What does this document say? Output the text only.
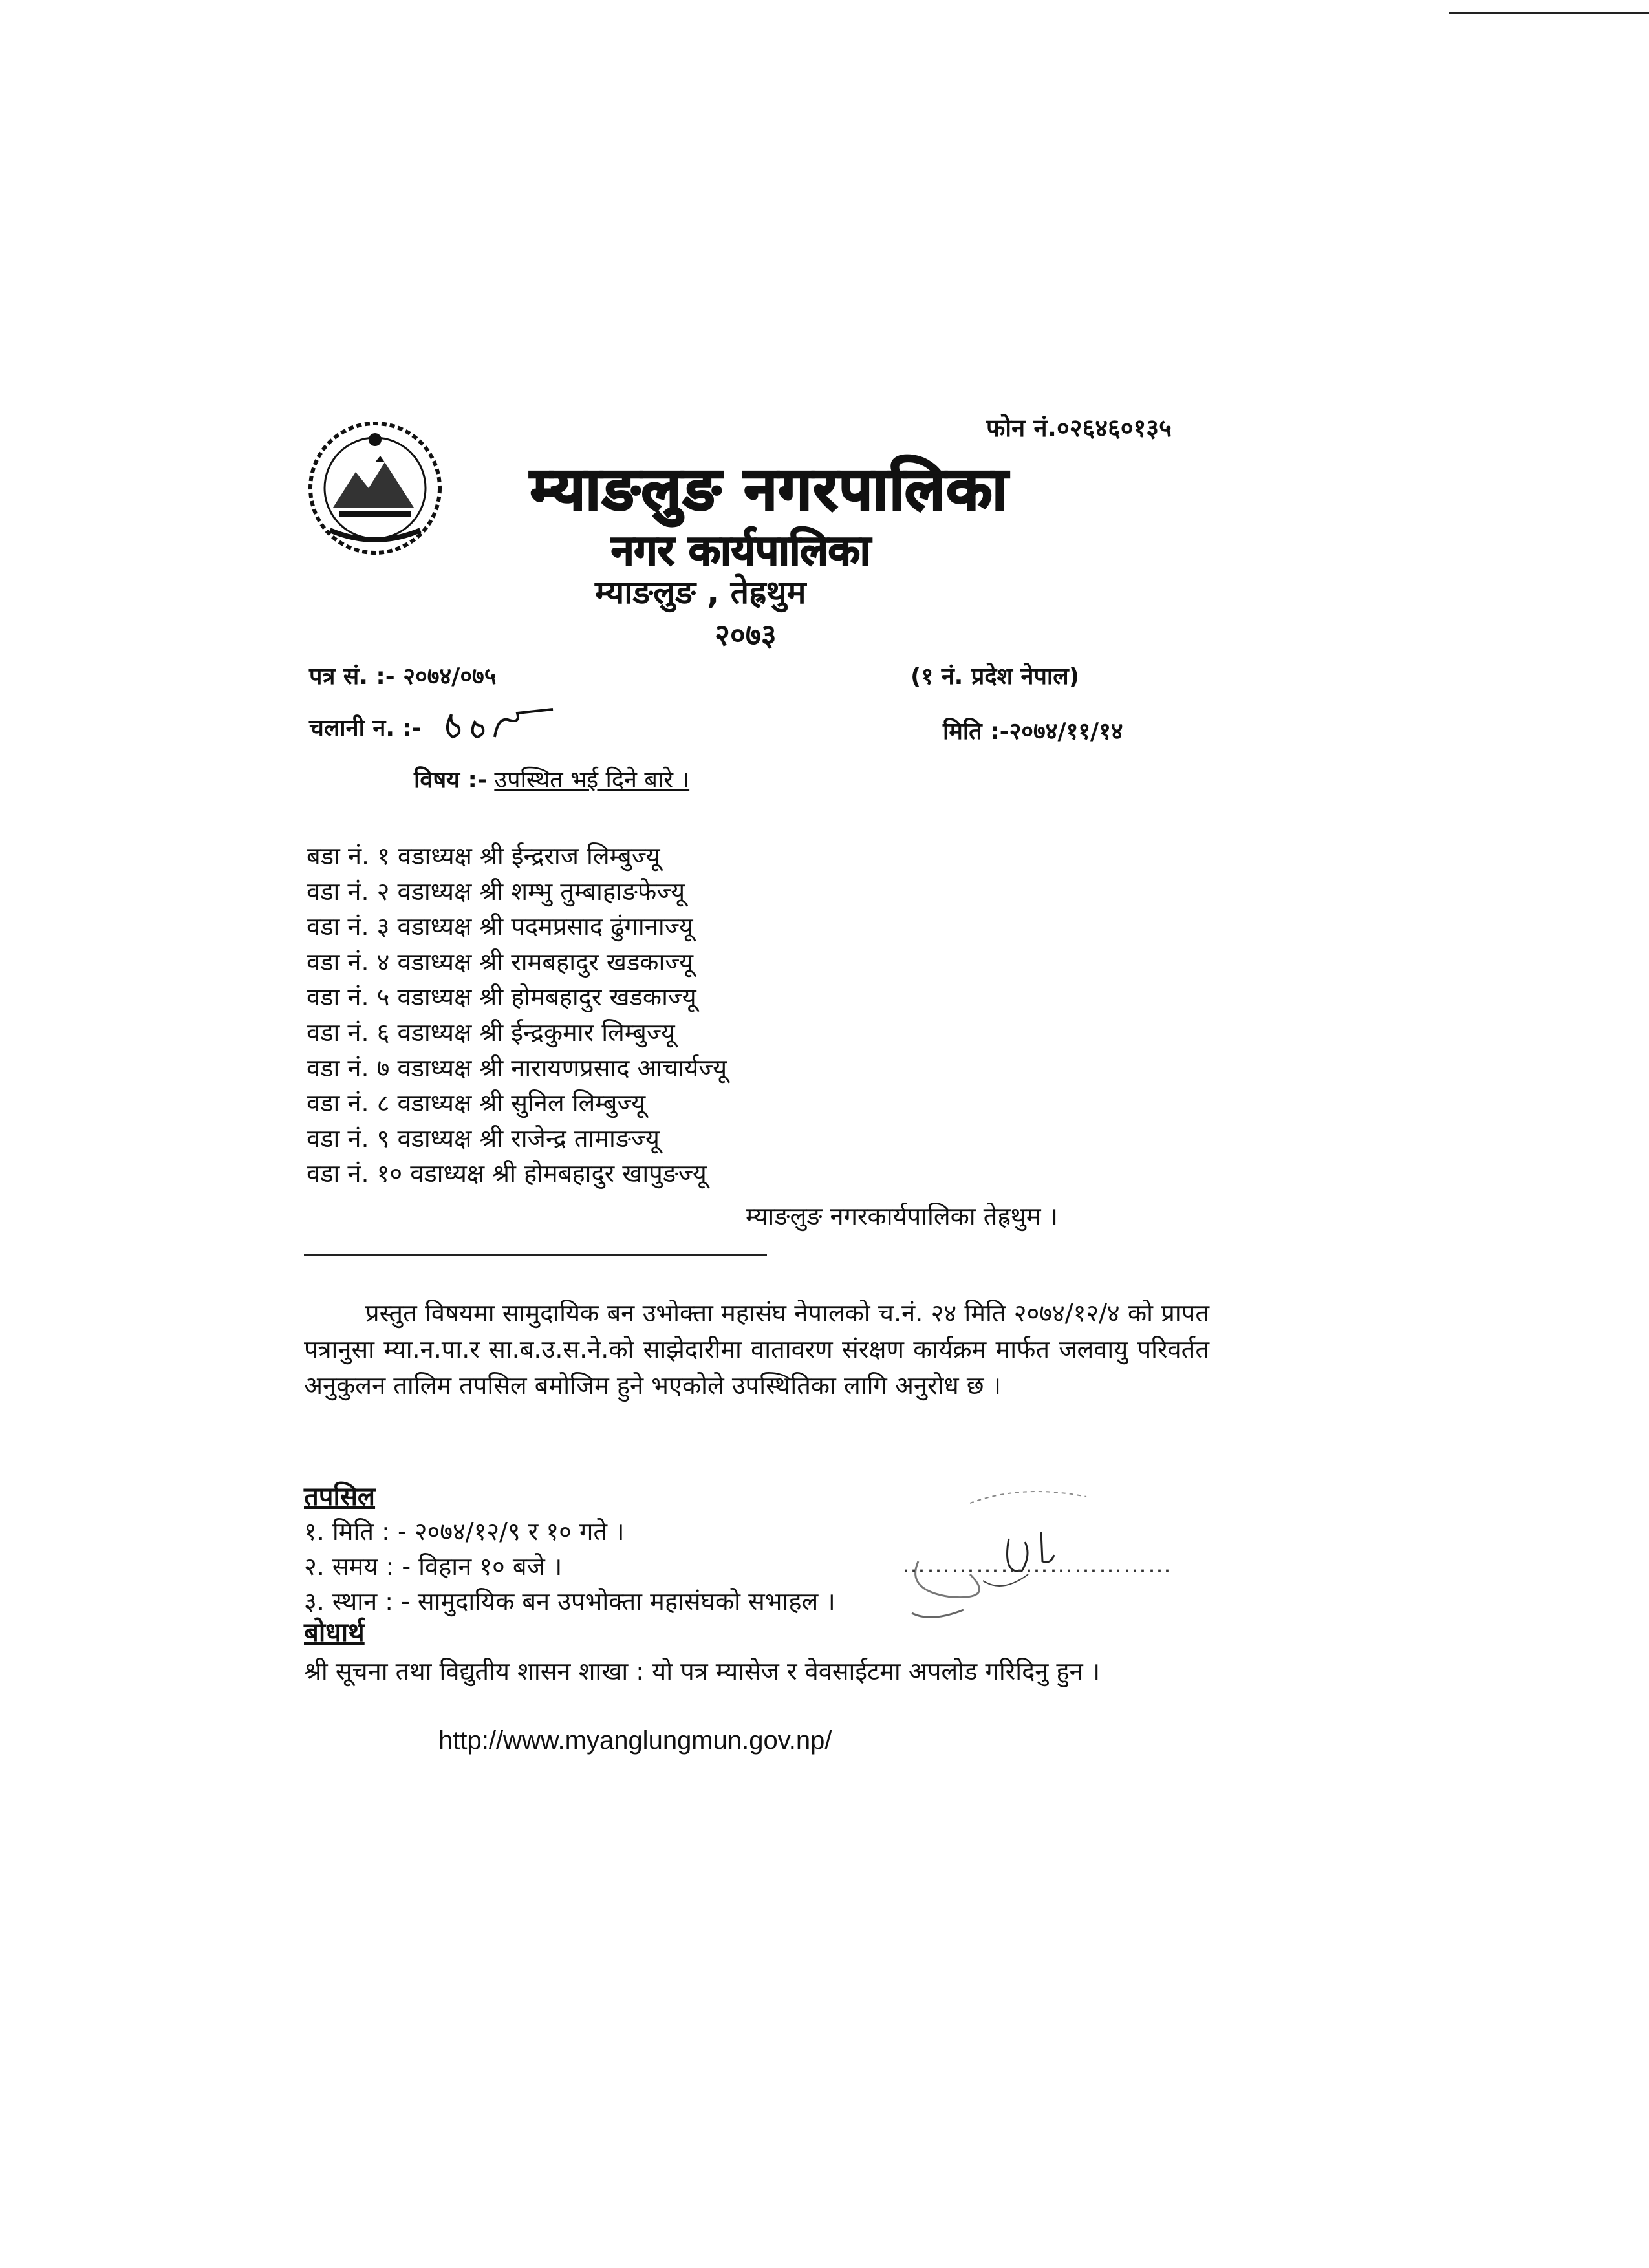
फोन नं.०२६४६०१३५
म्याङलुङ नगरपालिका
नगर कार्यपालिका
म्याङलुङ , तेह्रथुम
२०७३
पत्र सं. :- २०७४/०७५	(१ नं. प्रदेश नेपाल)
चलानी न. :-	मिति :-२०७४/११/१४
विषय :- उपस्थित भई दिने बारे ।
बडा नं. १ वडाध्यक्ष श्री ईन्द्रराज लिम्बुज्यू
वडा नं. २ वडाध्यक्ष श्री शम्भु तुम्बाहाङफेज्यू
वडा नं. ३ वडाध्यक्ष श्री पदमप्रसाद ढुंगानाज्यू
वडा नं. ४ वडाध्यक्ष श्री रामबहादुर खडकाज्यू
वडा नं. ५ वडाध्यक्ष श्री होमबहादुर खडकाज्यू
वडा नं. ६ वडाध्यक्ष श्री ईन्द्रकुमार लिम्बुज्यू
वडा नं. ७ वडाध्यक्ष श्री नारायणप्रसाद आचार्यज्यू
वडा नं. ८ वडाध्यक्ष श्री सुनिल लिम्बुज्यू
वडा नं. ९ वडाध्यक्ष श्री राजेन्द्र तामाङज्यू
वडा नं. १० वडाध्यक्ष श्री होमबहादुर खापुङज्यू
म्याङलुङ नगरकार्यपालिका तेह्रथुम ।
प्रस्तुत विषयमा सामुदायिक बन उभोक्ता महासंघ नेपालको च.नं. २४ मिति २०७४/१२/४ को प्रापत पत्रानुसा म्या.न.पा.र सा.ब.उ.स.ने.को साझेदारीमा वातावरण संरक्षण कार्यक्रम मार्फत जलवायु परिवर्तत अनुकुलन तालिम तपसिल बमोजिम हुने भएकोले उपस्थितिका लागि अनुरोध छ ।
तपसिल
१. मिति : - २०७४/१२/९ र १० गते ।
२. समय : - विहान १० बजे ।
३. स्थान : - सामुदायिक बन उपभोक्ता महासंघको सभाहल ।
……………………………
बोधार्थ
श्री सूचना तथा विद्युतीय शासन शाखा : यो पत्र म्यासेज र वेवसाईटमा अपलोड गरिदिनु हुन ।
http://www.myanglungmun.gov.np/
